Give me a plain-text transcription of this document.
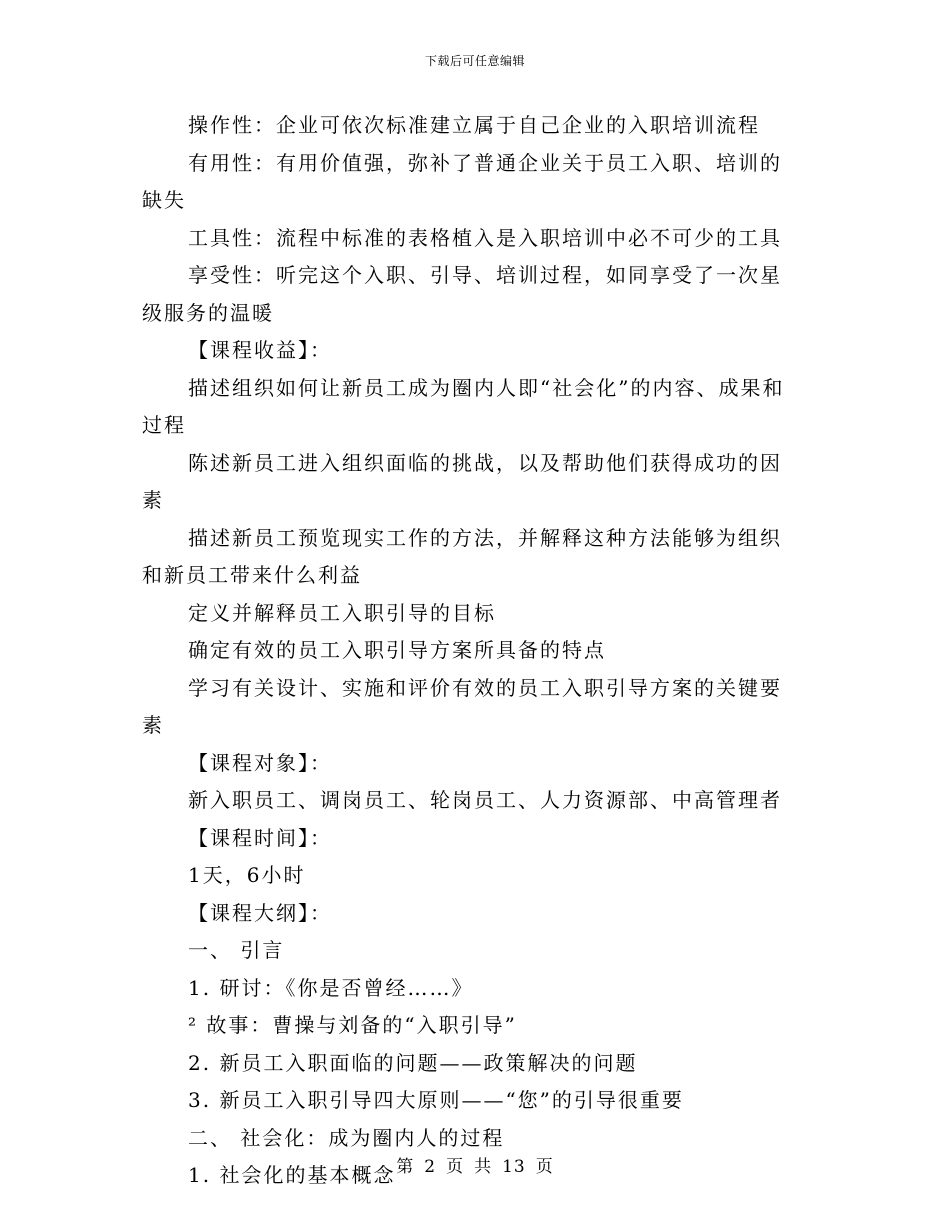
下载后可任意编辑

操作性：企业可依次标准建立属于自己企业的入职培训流程

有用性：有用价值强，弥补了普通企业关于员工入职、培训的缺失

工具性：流程中标准的表格植入是入职培训中必不可少的工具

享受性：听完这个入职、引导、培训过程，如同享受了一次星级服务的温暖

【课程收益】：

描述组织如何让新员工成为圈内人即“社会化”的内容、成果和过程

陈述新员工进入组织面临的挑战，以及帮助他们获得成功的因素

描述新员工预览现实工作的方法，并解释这种方法能够为组织和新员工带来什么利益

定义并解释员工入职引导的目标

确定有效的员工入职引导方案所具备的特点

学习有关设计、实施和评价有效的员工入职引导方案的关键要素

【课程对象】：

新入职员工、调岗员工、轮岗员工、人力资源部、中高管理者

【课程时间】：

1天，6小时

【课程大纲】：

一、 引言

1. 研讨：《你是否曾经……》

² 故事：曹操与刘备的“入职引导”

2. 新员工入职面临的问题——政策解决的问题

3. 新员工入职引导四大原则——“您”的引导很重要

二、 社会化：成为圈内人的过程

1. 社会化的基本概念 第 2 页 共 13 页
